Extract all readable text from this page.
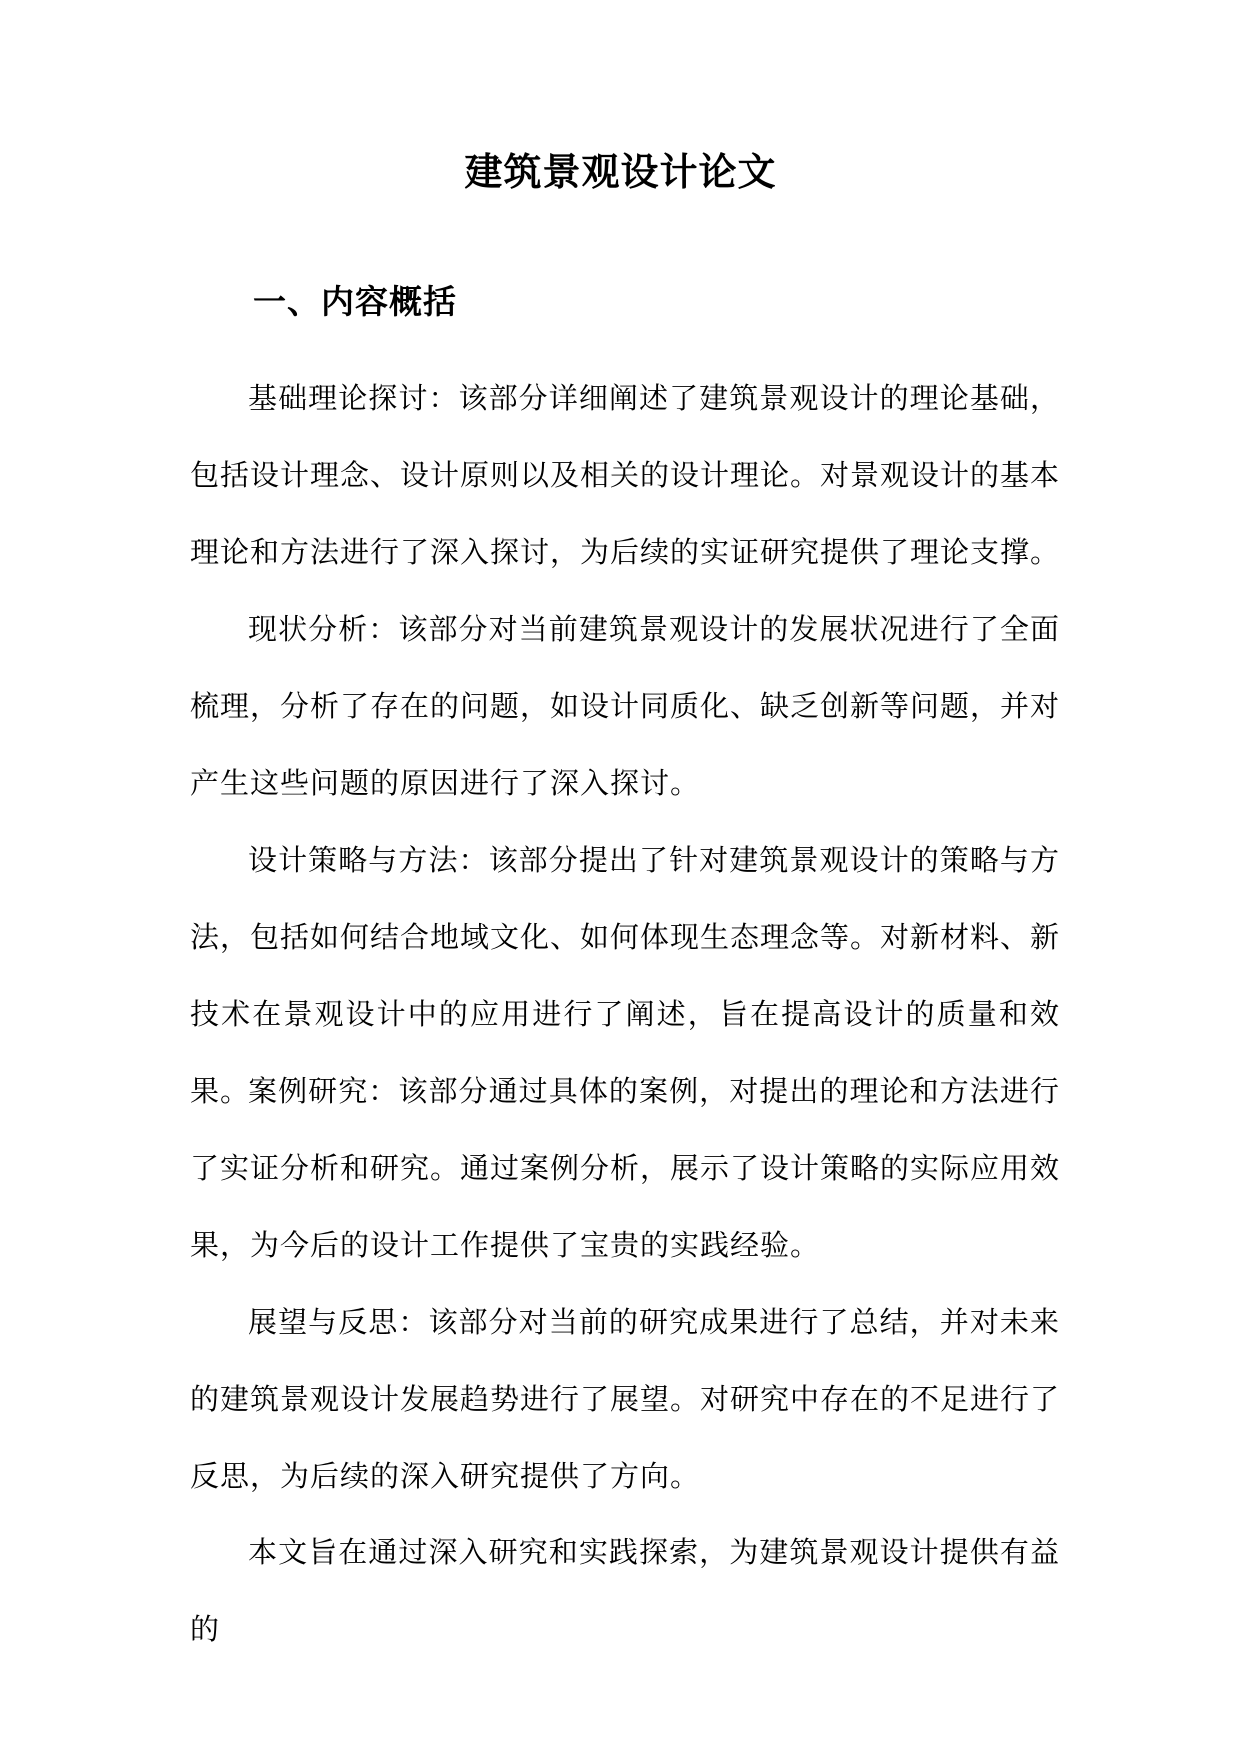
建筑景观设计论文
一、内容概括

基础理论探讨：该部分详细阐述了建筑景观设计的理论基础，包括设计理念、设计原则以及相关的设计理论。对景观设计的基本理论和方法进行了深入探讨，为后续的实证研究提供了理论支撑。

现状分析：该部分对当前建筑景观设计的发展状况进行了全面梳理，分析了存在的问题，如设计同质化、缺乏创新等问题，并对产生这些问题的原因进行了深入探讨。

设计策略与方法：该部分提出了针对建筑景观设计的策略与方法，包括如何结合地域文化、如何体现生态理念等。对新材料、新技术在景观设计中的应用进行了阐述，旨在提高设计的质量和效果。

案例研究：该部分通过具体的案例，对提出的理论和方法进行了实证分析和研究。通过案例分析，展示了设计策略的实际应用效果，为今后的设计工作提供了宝贵的实践经验。

展望与反思：该部分对当前的研究成果进行了总结，并对未来的建筑景观设计发展趋势进行了展望。对研究中存在的不足进行了反思，为后续的深入研究提供了方向。

本文旨在通过深入研究和实践探索，为建筑景观设计提供有益的
